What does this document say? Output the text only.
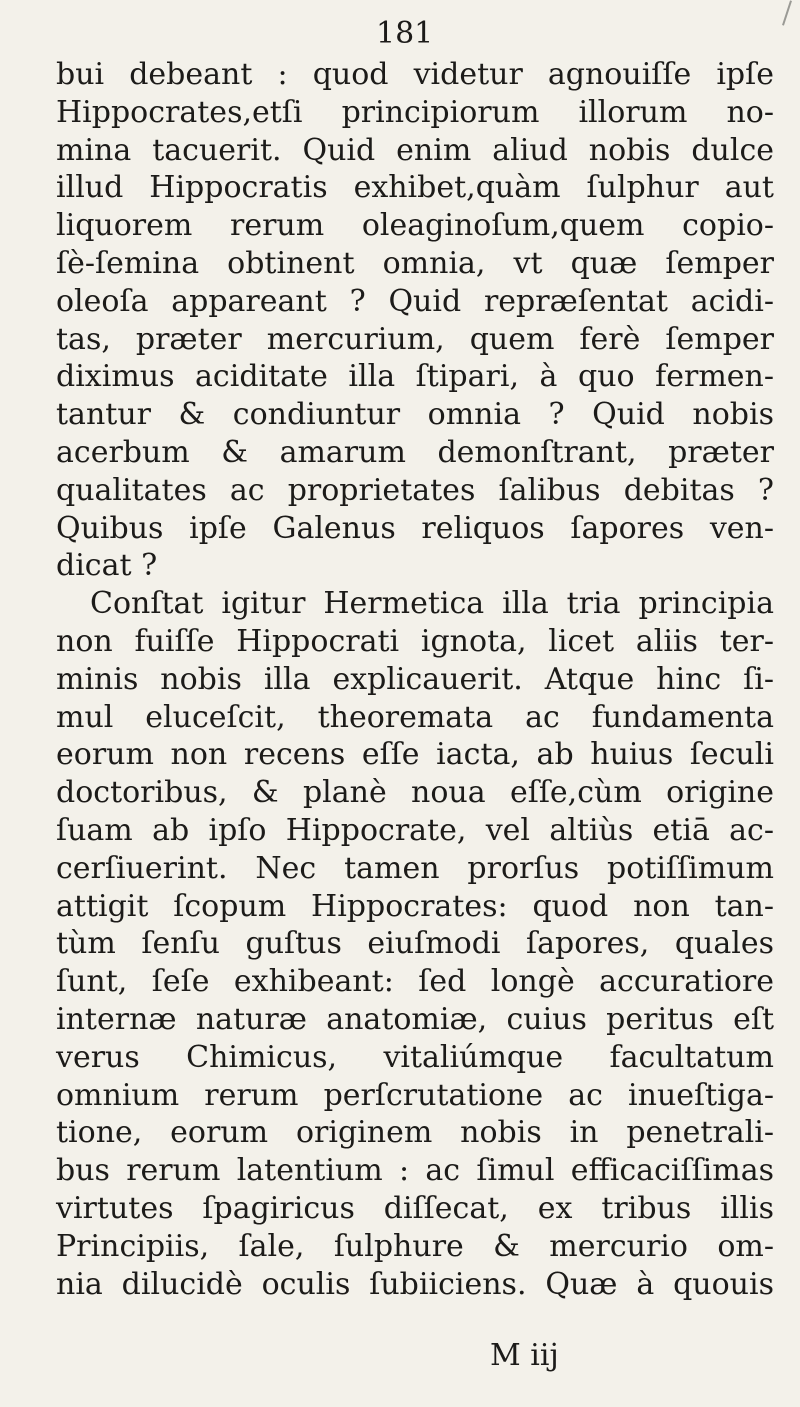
181
bui debeant : quod videtur agnouiſſe ipſe
Hippocrates,etſi principiorum illorum no-
mina tacuerit. Quid enim aliud nobis dulce
illud Hippocratis exhibet,quàm ſulphur aut
liquorem rerum oleaginoſum,quem copio-
ſè-ſemina obtinent omnia, vt quæ ſemper
oleoſa appareant ? Quid repræſentat acidi-
tas, præter mercurium, quem ferè ſemper
diximus aciditate illa ſtipari, à quo fermen-
tantur & condiuntur omnia ? Quid nobis
acerbum & amarum demonſtrant, præter
qualitates ac proprietates ſalibus debitas ?
Quibus ipſe Galenus reliquos ſapores ven-
dicat ?
Conſtat igitur Hermetica illa tria principia
non fuiſſe Hippocrati ignota, licet aliis ter-
minis nobis illa explicauerit. Atque hinc ſi-
mul eluceſcit, theoremata ac fundamenta
eorum non recens eſſe iacta, ab huius ſeculi
doctoribus, & planè noua eſſe,cùm origine
ſuam ab ipſo Hippocrate, vel altiùs etiā ac-
cerſiuerint. Nec tamen prorſus potiſſimum
attigit ſcopum Hippocrates: quod non tan-
tùm ſenſu guſtus eiuſmodi ſapores, quales
ſunt, ſeſe exhibeant: ſed longè accuratiore
internæ naturæ anatomiæ, cuius peritus eſt
verus Chimicus, vitaliúmque facultatum
omnium rerum perſcrutatione ac inueſtiga-
tione, eorum originem nobis in penetrali-
bus rerum latentium : ac ſimul efficaciſſimas
virtutes ſpagiricus diſſecat, ex tribus illis
Principiis, ſale, ſulphure & mercurio om-
nia dilucidè oculis ſubiiciens. Quæ à quouis
M iij
